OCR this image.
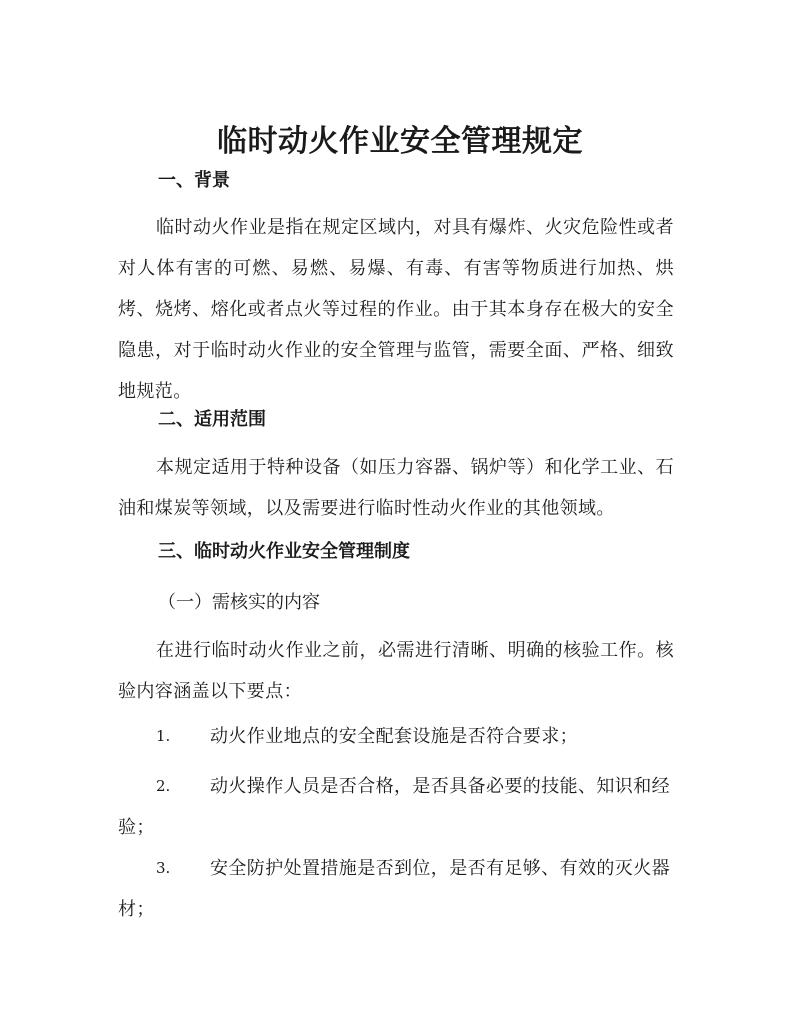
临时动火作业安全管理规定
一、背景
临时动火作业是指在规定区域内，对具有爆炸、火灾危险性或者对人体有害的可燃、易燃、易爆、有毒、有害等物质进行加热、烘烤、烧烤、熔化或者点火等过程的作业。由于其本身存在极大的安全隐患，对于临时动火作业的安全管理与监管，需要全面、严格、细致地规范。
二、适用范围
本规定适用于特种设备（如压力容器、锅炉等）和化学工业、石油和煤炭等领域，以及需要进行临时性动火作业的其他领域。
三、临时动火作业安全管理制度
（一）需核实的内容
在进行临时动火作业之前，必需进行清晰、明确的核验工作。核验内容涵盖以下要点：
1.	动火作业地点的安全配套设施是否符合要求；
2.	动火操作人员是否合格，是否具备必要的技能、知识和经
验；
3.	安全防护处置措施是否到位，是否有足够、有效的灭火器
材；
